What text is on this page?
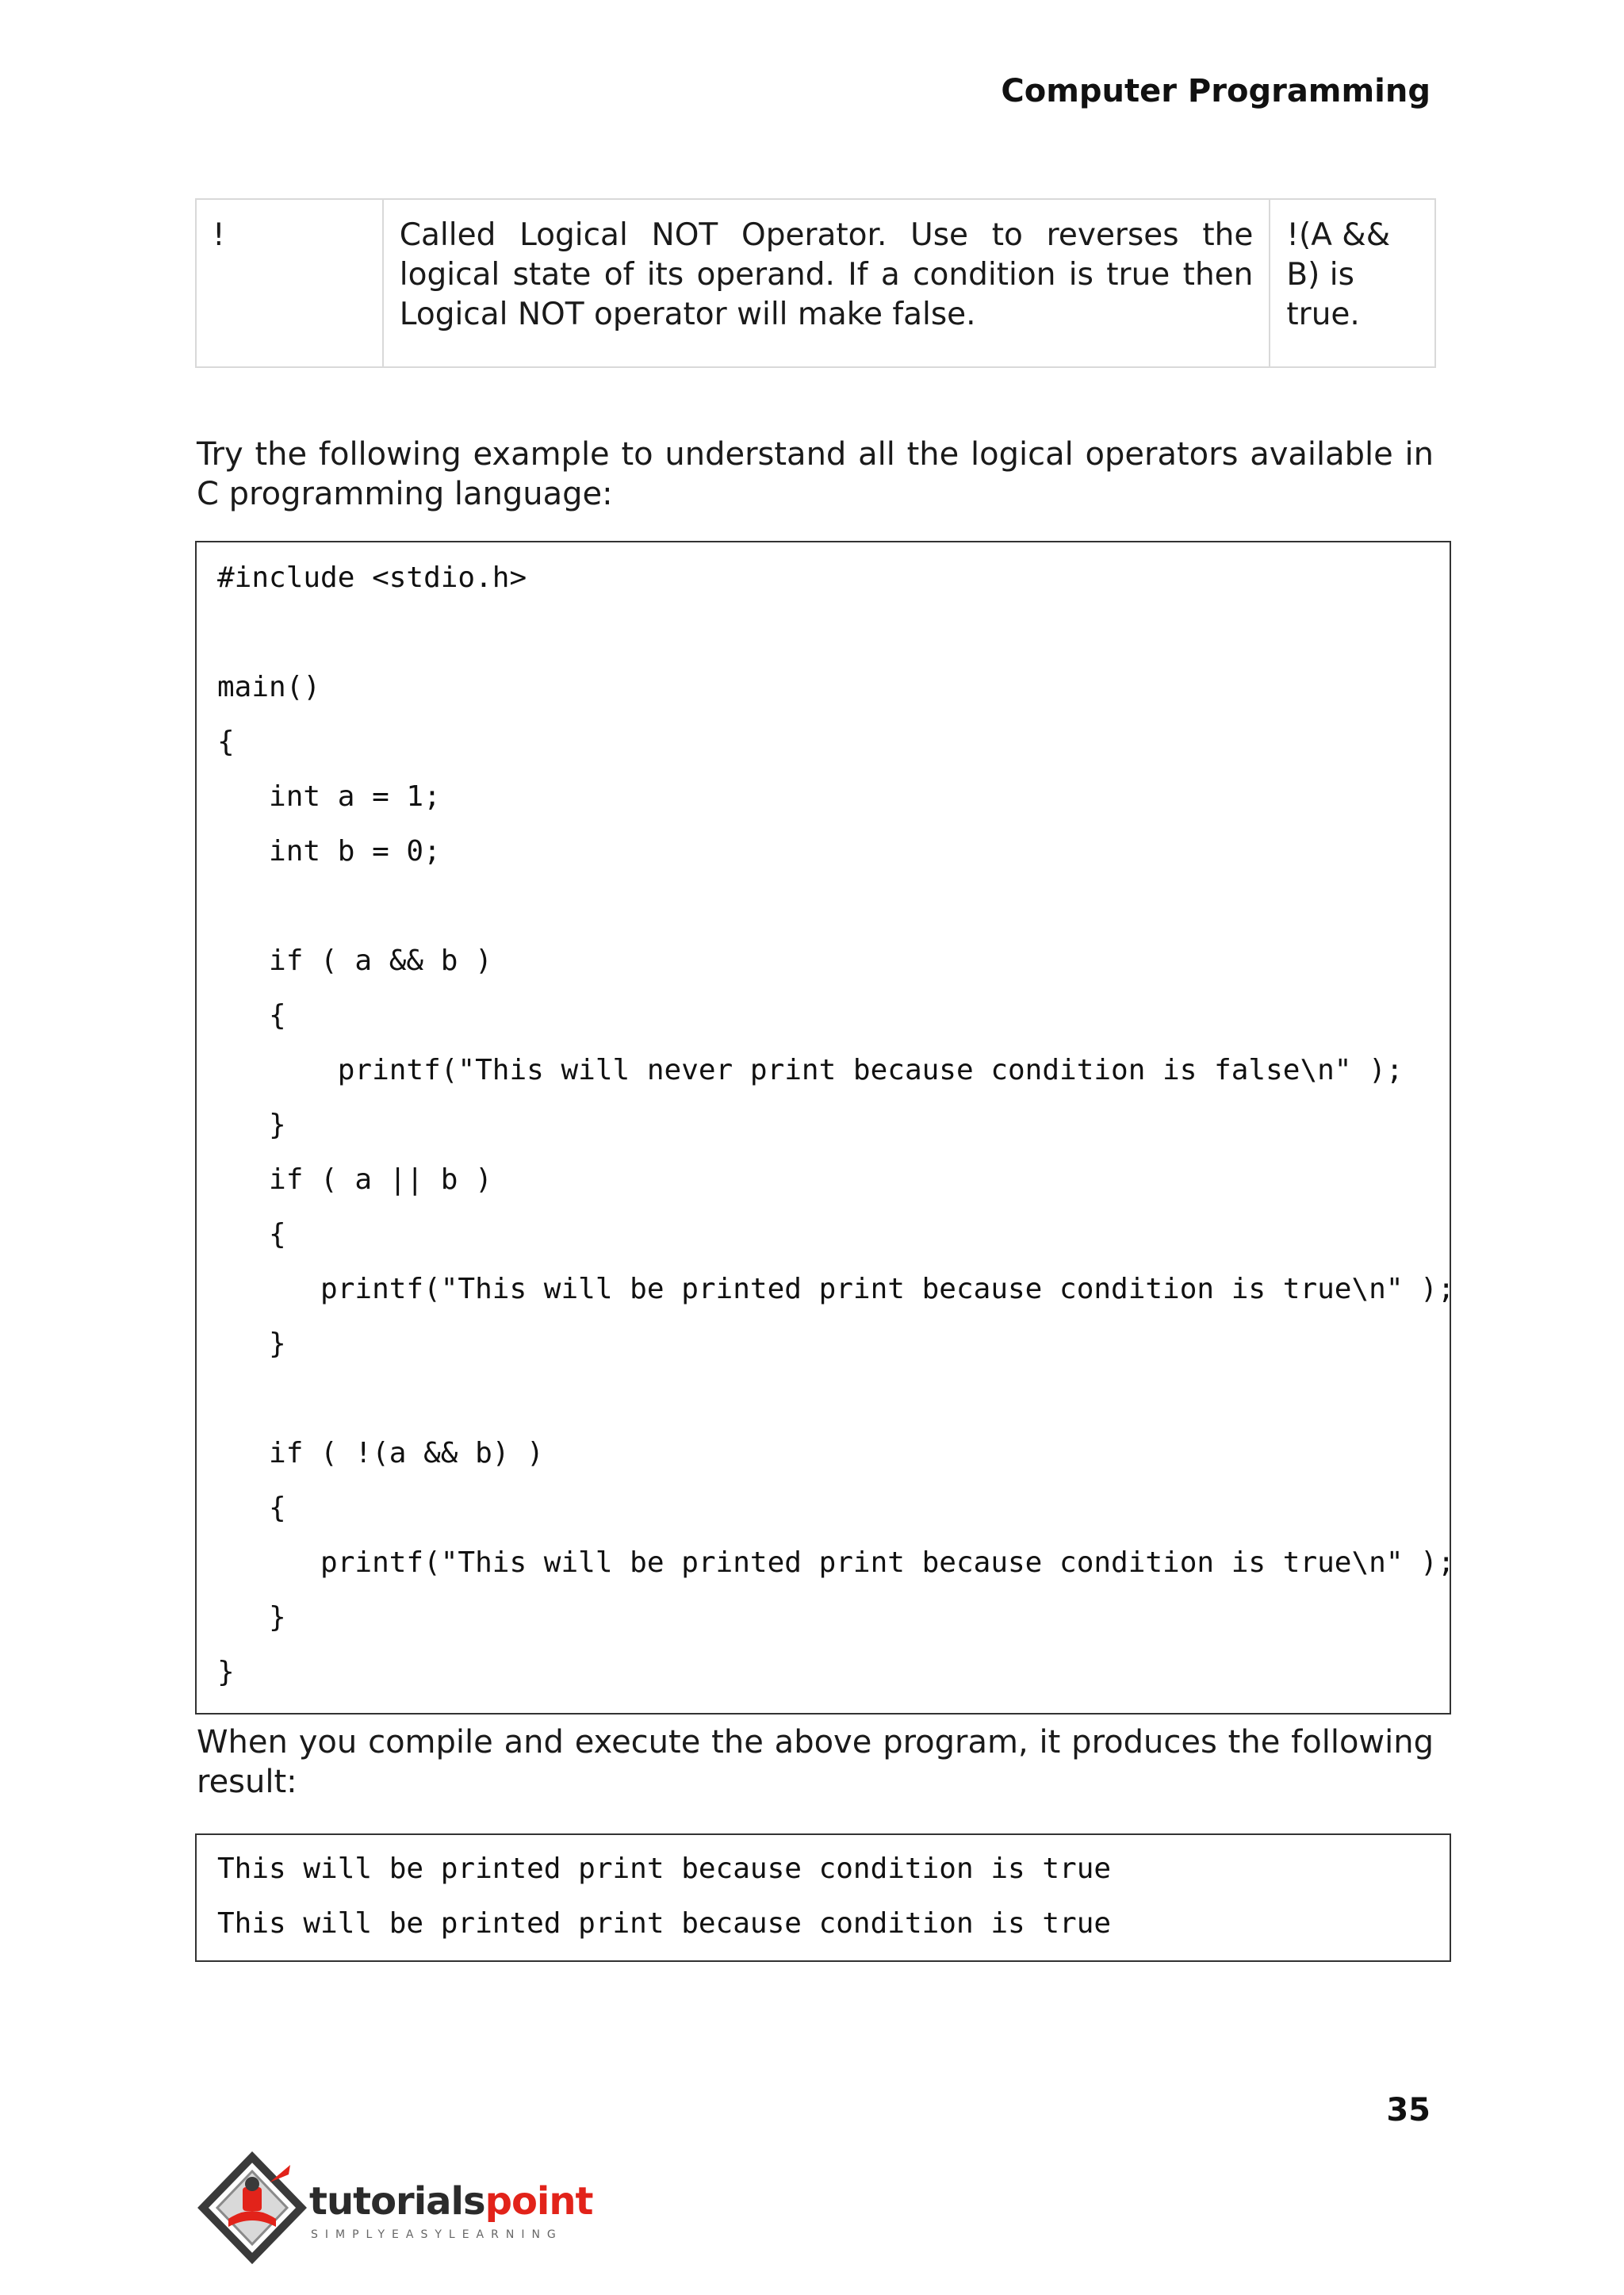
Computer Programming
!	Called Logical NOT Operator. Use to reverses the logical state of its operand. If a condition is true then Logical NOT operator will make false.	!(A && B) is true.
Try the following example to understand all the logical operators available in C programming language:
#include <stdio.h>
main()
{
int a = 1;
int b = 0;
if ( a && b )
{
printf("This will never print because condition is false\n" );
}
if ( a || b )
{
printf("This will be printed print because condition is true\n" );
}
if ( !(a && b) )
{
printf("This will be printed print because condition is true\n" );
}
}
When you compile and execute the above program, it produces the following result:
This will be printed print because condition is true
This will be printed print because condition is true
35
tutorialspoint
SIMPLYEASYLEARNING
